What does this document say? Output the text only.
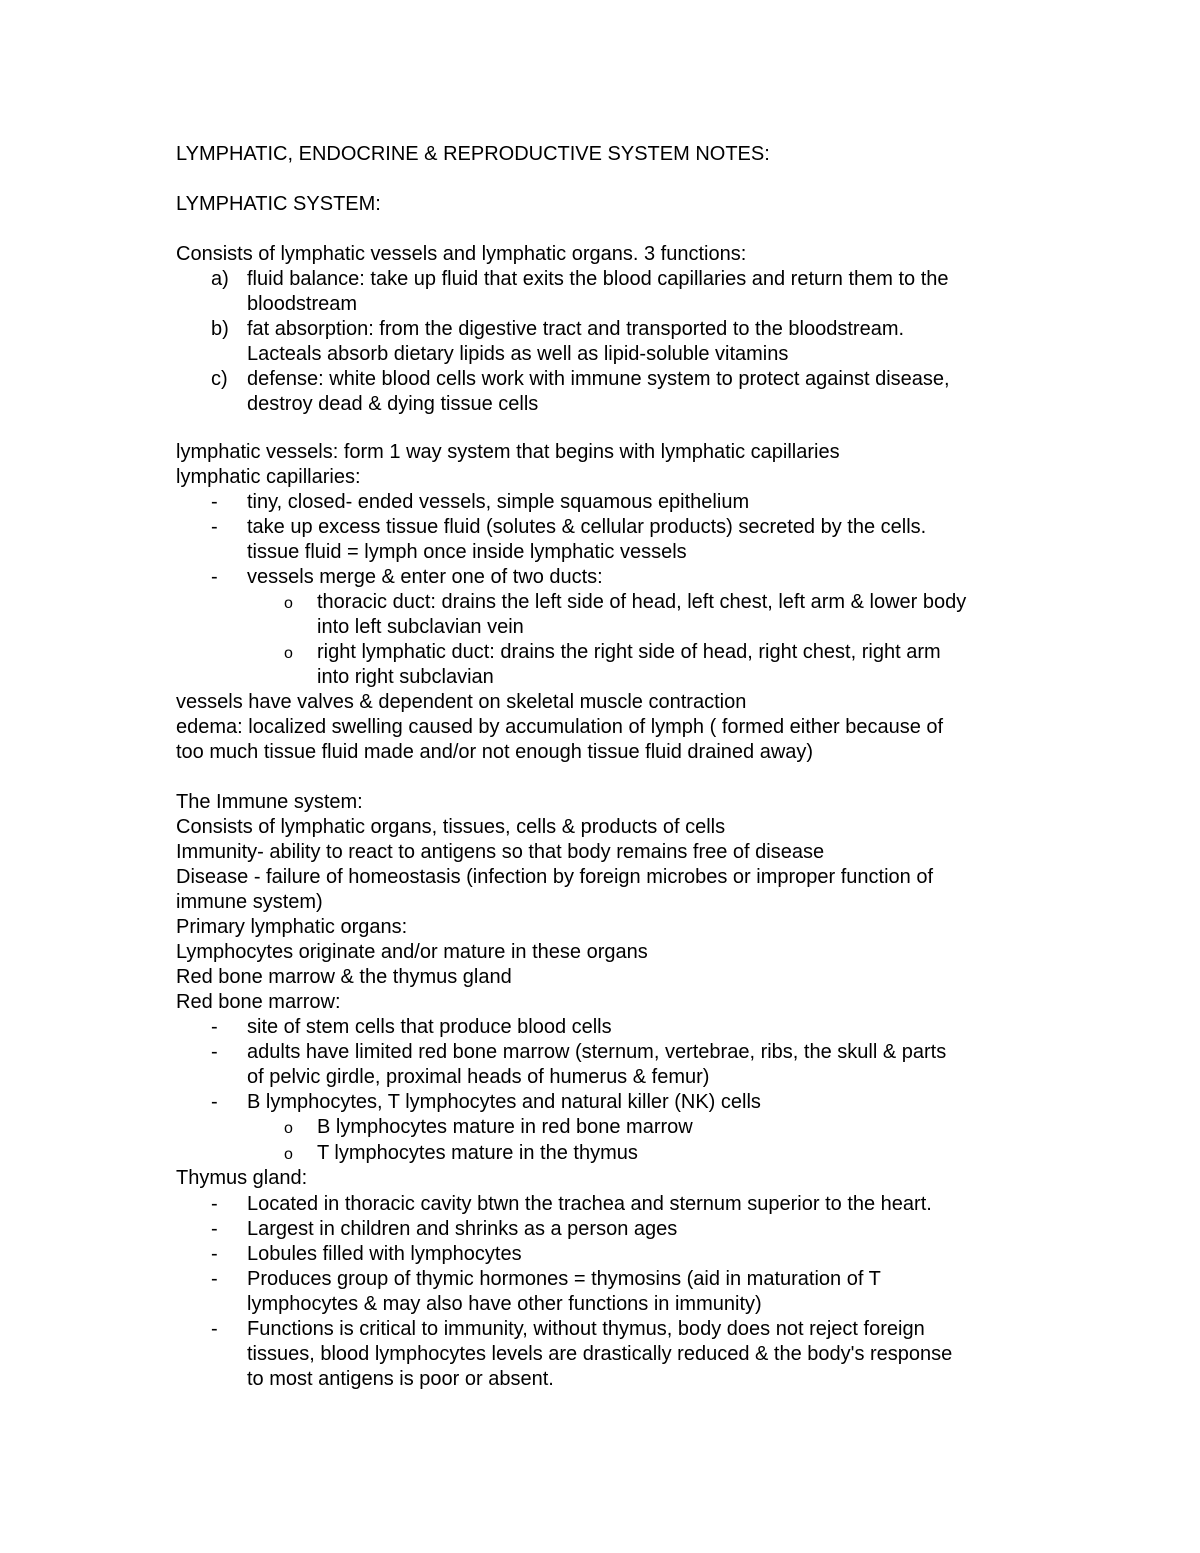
LYMPHATIC, ENDOCRINE & REPRODUCTIVE SYSTEM NOTES:
LYMPHATIC SYSTEM:
Consists of lymphatic vessels and lymphatic organs. 3 functions:
a) fluid balance: take up fluid that exits the blood capillaries and return them to the
bloodstream
b) fat absorption: from the digestive tract and transported to the bloodstream.
Lacteals absorb dietary lipids as well as lipid-soluble vitamins
c) defense: white blood cells work with immune system to protect against disease,
destroy dead & dying tissue cells
lymphatic vessels: form 1 way system that begins with lymphatic capillaries
lymphatic capillaries:
- tiny, closed- ended vessels, simple squamous epithelium
- take up excess tissue fluid (solutes & cellular products) secreted by the cells.
tissue fluid = lymph once inside lymphatic vessels
- vessels merge & enter one of two ducts:
o thoracic duct: drains the left side of head, left chest, left arm & lower body
into left subclavian vein
o right lymphatic duct: drains the right side of head, right chest, right arm
into right subclavian
vessels have valves & dependent on skeletal muscle contraction
edema: localized swelling caused by accumulation of lymph ( formed either because of
too much tissue fluid made and/or not enough tissue fluid drained away)
The Immune system:
Consists of lymphatic organs, tissues, cells & products of cells
Immunity- ability to react to antigens so that body remains free of disease
Disease - failure of homeostasis (infection by foreign microbes or improper function of
immune system)
Primary lymphatic organs:
Lymphocytes originate and/or mature in these organs
Red bone marrow & the thymus gland
Red bone marrow:
- site of stem cells that produce blood cells
- adults have limited red bone marrow (sternum, vertebrae, ribs, the skull & parts
of pelvic girdle, proximal heads of humerus & femur)
- B lymphocytes, T lymphocytes and natural killer (NK) cells
o B lymphocytes mature in red bone marrow
o T lymphocytes mature in the thymus
Thymus gland:
- Located in thoracic cavity btwn the trachea and sternum superior to the heart.
- Largest in children and shrinks as a person ages
- Lobules filled with lymphocytes
- Produces group of thymic hormones = thymosins (aid in maturation of T
lymphocytes & may also have other functions in immunity)
- Functions is critical to immunity, without thymus, body does not reject foreign
tissues, blood lymphocytes levels are drastically reduced & the body's response
to most antigens is poor or absent.
